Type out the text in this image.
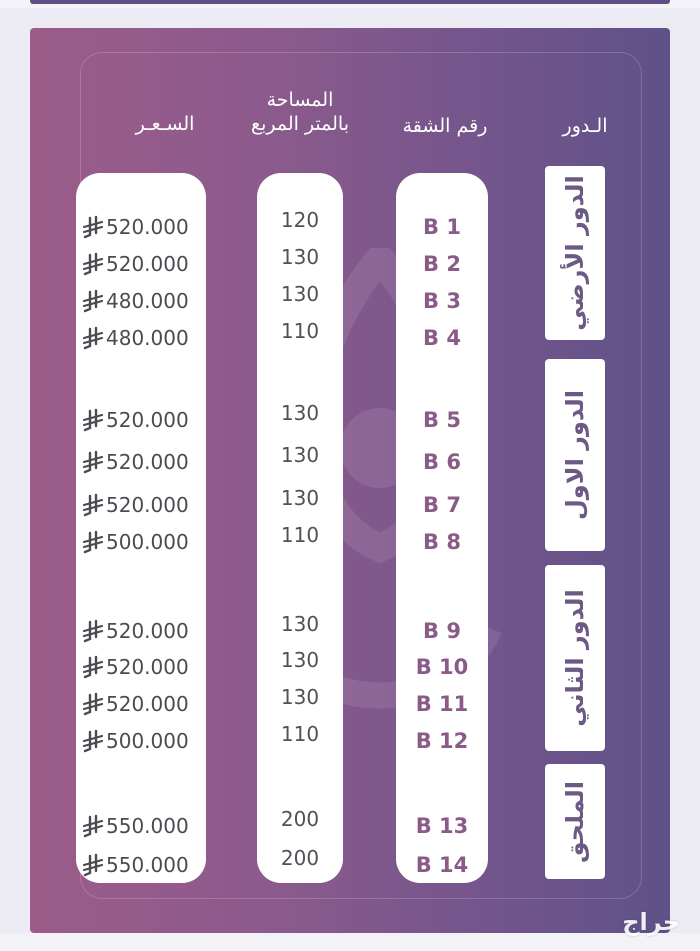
السـعـر
المساحة
بالمتر المربع	رقم الشقة	الـدور
520.000
520.000
480.000
480.000
520.000
520.000
520.000
500.000
520.000
520.000
520.000
500.000
550.000
550.000
120
130
130
110
130
130
130
110
130
130
130
110
200
200
B 1
B 2
B 3
B 4
B 5
B 6
B 7
B 8
B 9
B 10
B 11
B 12
B 13
B 14
الدور الأرضي
الدور الاول
الدور الثاني
الملحق
حراج
